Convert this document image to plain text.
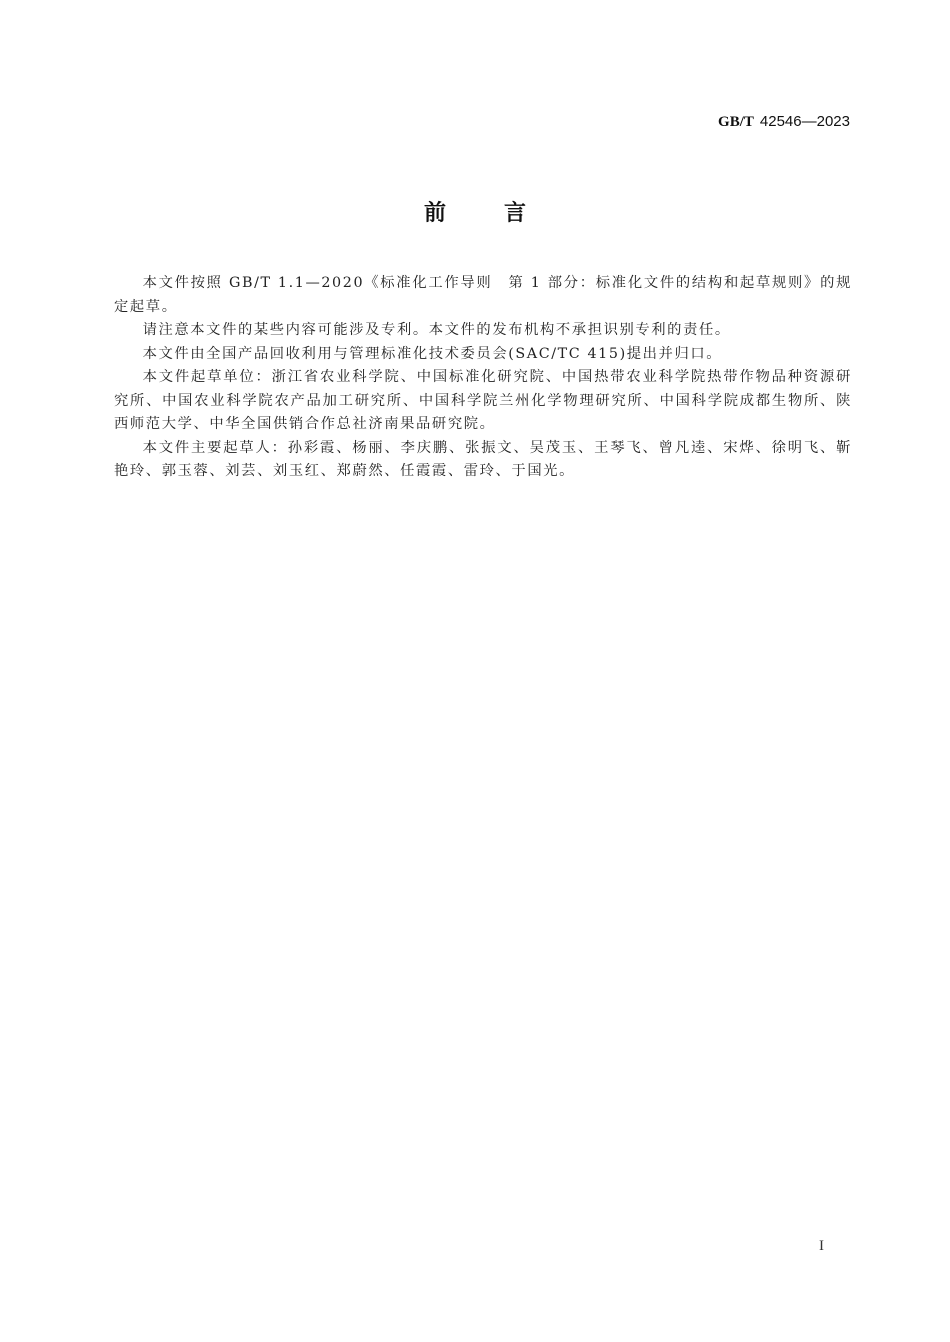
GB/T 42546—2023
前	言

本文件按照 GB/T 1.1—2020《标准化工作导则　第 1 部分：标准化文件的结构和起草规则》的规定起草。

请注意本文件的某些内容可能涉及专利。本文件的发布机构不承担识别专利的责任。

本文件由全国产品回收利用与管理标准化技术委员会(SAC/TC 415)提出并归口。

本文件起草单位：浙江省农业科学院、中国标准化研究院、中国热带农业科学院热带作物品种资源研究所、中国农业科学院农产品加工研究所、中国科学院兰州化学物理研究所、中国科学院成都生物所、陕西师范大学、中华全国供销合作总社济南果品研究院。

本文件主要起草人：孙彩霞、杨丽、李庆鹏、张振文、吴茂玉、王琴飞、曾凡逵、宋烨、徐明飞、靳艳玲、郭玉蓉、刘芸、刘玉红、郑蔚然、任霞霞、雷玲、于国光。

I
